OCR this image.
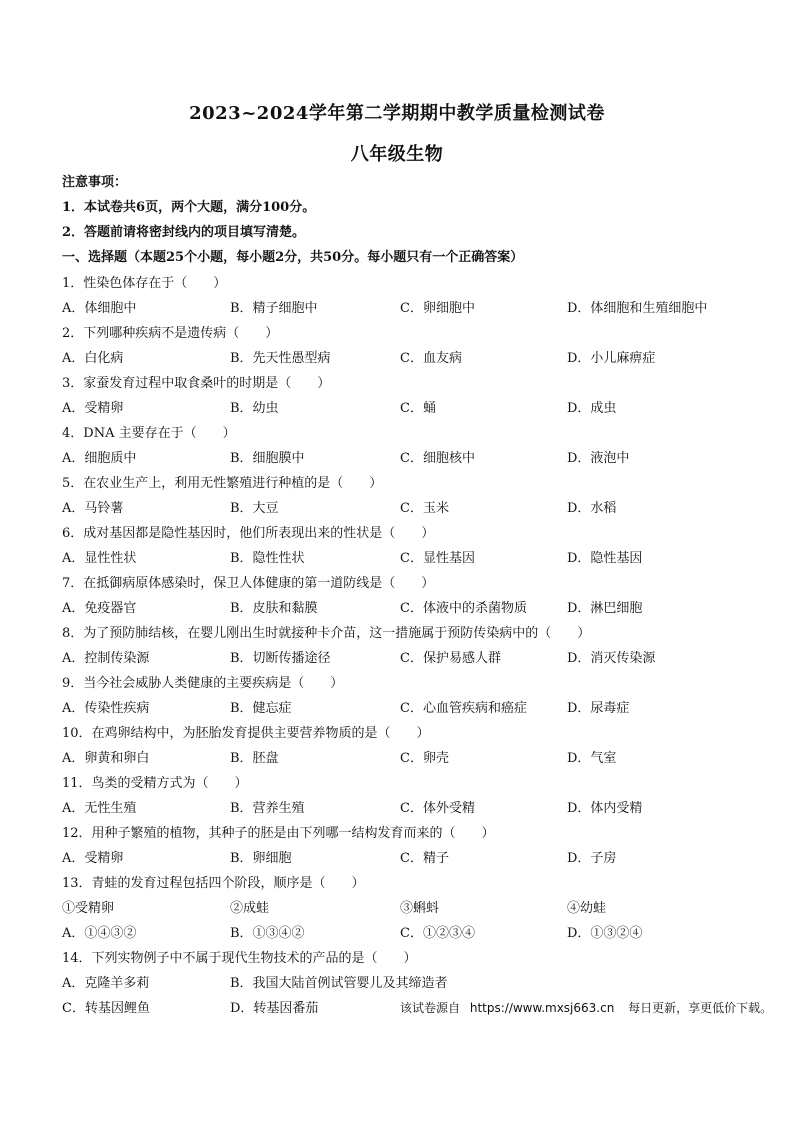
2023~2024学年第二学期期中教学质量检测试卷
八年级生物
注意事项：
1．本试卷共6页，两个大题，满分100分。
2．答题前请将密封线内的项目填写清楚。
一、选择题（本题25个小题，每小题2分，共50分。每小题只有一个正确答案）
1．性染色体存在于（　　）
A．体细胞中	B．精子细胞中	C．卵细胞中	D．体细胞和生殖细胞中
2．下列哪种疾病不是遗传病（　　）
A．白化病	B．先天性愚型病	C．血友病	D．小儿麻痹症
3．家蚕发育过程中取食桑叶的时期是（　　）
A．受精卵	B．幼虫	C．蛹	D．成虫
4．DNA 主要存在于（　　）
A．细胞质中	B．细胞膜中	C．细胞核中	D．液泡中
5．在农业生产上，利用无性繁殖进行种植的是（　　）
A．马铃薯	B．大豆	C．玉米	D．水稻
6．成对基因都是隐性基因时，他们所表现出来的性状是（　　）
A．显性性状	B．隐性性状	C．显性基因	D．隐性基因
7．在抵御病原体感染时，保卫人体健康的第一道防线是（　　）
A．免疫器官	B．皮肤和黏膜	C．体液中的杀菌物质	D．淋巴细胞
8．为了预防肺结核，在婴儿刚出生时就接种卡介苗，这一措施属于预防传染病中的（　　）
A．控制传染源	B．切断传播途径	C．保护易感人群	D．消灭传染源
9．当今社会威胁人类健康的主要疾病是（　　）
A．传染性疾病	B．健忘症	C．心血管疾病和癌症	D．尿毒症
10．在鸡卵结构中，为胚胎发育提供主要营养物质的是（　　）
A．卵黄和卵白	B．胚盘	C．卵壳	D．气室
11．鸟类的受精方式为（　　）
A．无性生殖	B．营养生殖	C．体外受精	D．体内受精
12．用种子繁殖的植物，其种子的胚是由下列哪一结构发育而来的（　　）
A．受精卵	B．卵细胞	C．精子	D．子房
13．青蛙的发育过程包括四个阶段，顺序是（　　）
①受精卵	②成蛙	③蝌蚪	④幼蛙
A．①④③②	B．①③④②	C．①②③④	D．①③②④
14．下列实物例子中不属于现代生物技术的产品的是（　　）
A．克隆羊多莉	B．我国大陆首例试管婴儿及其缔造者
C．转基因鲤鱼	D．转基因番茄	该试卷源自 https://www.mxsj663.cn 每日更新，享更低价下载。
